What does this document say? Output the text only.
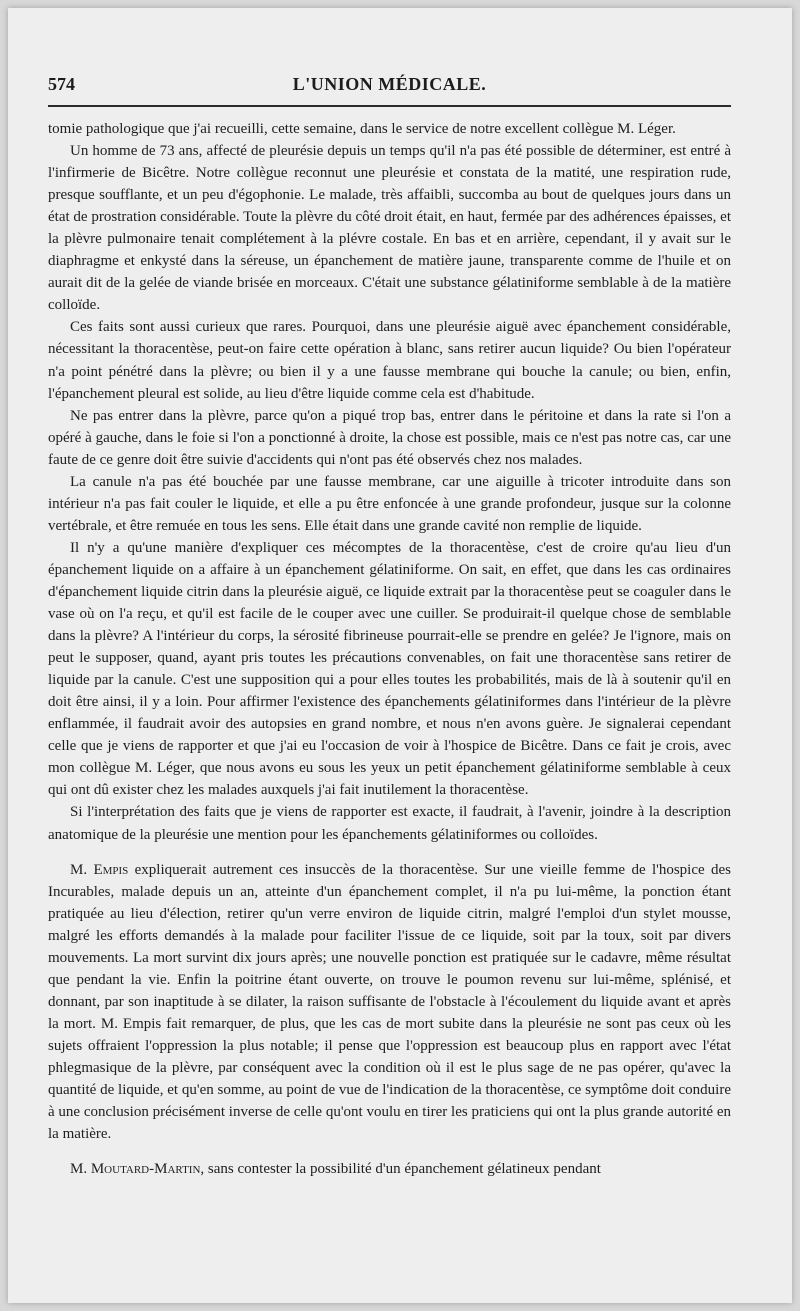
574	L'UNION MÉDICALE.

tomie pathologique que j'ai recueilli, cette semaine, dans le service de notre excellent collègue M. Léger.

Un homme de 73 ans, affecté de pleurésie depuis un temps qu'il n'a pas été possible de déterminer, est entré à l'infirmerie de Bicêtre. Notre collègue reconnut une pleurésie et constata de la matité, une respiration rude, presque soufflante, et un peu d'égophonie. Le malade, très affaibli, succomba au bout de quelques jours dans un état de prostration considérable. Toute la plèvre du côté droit était, en haut, fermée par des adhérences épaisses, et la plèvre pulmonaire tenait complétement à la plévre costale. En bas et en arrière, cependant, il y avait sur le diaphragme et enkysté dans la séreuse, un épanchement de matière jaune, transparente comme de l'huile et on aurait dit de la gelée de viande brisée en morceaux. C'était une substance gélatiniforme semblable à de la matière colloïde.

Ces faits sont aussi curieux que rares. Pourquoi, dans une pleurésie aiguë avec épanchement considérable, nécessitant la thoracentèse, peut-on faire cette opération à blanc, sans retirer aucun liquide? Ou bien l'opérateur n'a point pénétré dans la plèvre; ou bien il y a une fausse membrane qui bouche la canule; ou bien, enfin, l'épanchement pleural est solide, au lieu d'être liquide comme cela est d'habitude.

Ne pas entrer dans la plèvre, parce qu'on a piqué trop bas, entrer dans le péritoine et dans la rate si l'on a opéré à gauche, dans le foie si l'on a ponctionné à droite, la chose est possible, mais ce n'est pas notre cas, car une faute de ce genre doit être suivie d'accidents qui n'ont pas été observés chez nos malades.

La canule n'a pas été bouchée par une fausse membrane, car une aiguille à tricoter introduite dans son intérieur n'a pas fait couler le liquide, et elle a pu être enfoncée à une grande profondeur, jusque sur la colonne vertébrale, et être remuée en tous les sens. Elle était dans une grande cavité non remplie de liquide.

Il n'y a qu'une manière d'expliquer ces mécomptes de la thoracentèse, c'est de croire qu'au lieu d'un épanchement liquide on a affaire à un épanchement gélatiniforme. On sait, en effet, que dans les cas ordinaires d'épanchement liquide citrin dans la pleurésie aiguë, ce liquide extrait par la thoracentèse peut se coaguler dans le vase où on l'a reçu, et qu'il est facile de le couper avec une cuiller. Se produirait-il quelque chose de semblable dans la plèvre? A l'intérieur du corps, la sérosité fibrineuse pourrait-elle se prendre en gelée? Je l'ignore, mais on peut le supposer, quand, ayant pris toutes les précautions convenables, on fait une thoracentèse sans retirer de liquide par la canule. C'est une supposition qui a pour elles toutes les probabilités, mais de là à soutenir qu'il en doit être ainsi, il y a loin. Pour affirmer l'existence des épanchements gélatiniformes dans l'intérieur de la plèvre enflammée, il faudrait avoir des autopsies en grand nombre, et nous n'en avons guère. Je signalerai cependant celle que je viens de rapporter et que j'ai eu l'occasion de voir à l'hospice de Bicêtre. Dans ce fait je crois, avec mon collègue M. Léger, que nous avons eu sous les yeux un petit épanchement gélatiniforme semblable à ceux qui ont dû exister chez les malades auxquels j'ai fait inutilement la thoracentèse.

Si l'interprétation des faits que je viens de rapporter est exacte, il faudrait, à l'avenir, joindre à la description anatomique de la pleurésie une mention pour les épanchements gélatiniformes ou colloïdes.

M. Empis expliquerait autrement ces insuccès de la thoracentèse. Sur une vieille femme de l'hospice des Incurables, malade depuis un an, atteinte d'un épanchement complet, il n'a pu lui-même, la ponction étant pratiquée au lieu d'élection, retirer qu'un verre environ de liquide citrin, malgré l'emploi d'un stylet mousse, malgré les efforts demandés à la malade pour faciliter l'issue de ce liquide, soit par la toux, soit par divers mouvements. La mort survint dix jours après; une nouvelle ponction est pratiquée sur le cadavre, même résultat que pendant la vie. Enfin la poitrine étant ouverte, on trouve le poumon revenu sur lui-même, splénisé, et donnant, par son inaptitude à se dilater, la raison suffisante de l'obstacle à l'écoulement du liquide avant et après la mort. M. Empis fait remarquer, de plus, que les cas de mort subite dans la pleurésie ne sont pas ceux où les sujets offraient l'oppression la plus notable; il pense que l'oppression est beaucoup plus en rapport avec l'état phlegmasique de la plèvre, par conséquent avec la condition où il est le plus sage de ne pas opérer, qu'avec la quantité de liquide, et qu'en somme, au point de vue de l'indication de la thoracentèse, ce symptôme doit conduire à une conclusion précisément inverse de celle qu'ont voulu en tirer les praticiens qui ont la plus grande autorité en la matière.

M. Moutard-Martin, sans contester la possibilité d'un épanchement gélatineux pendant
